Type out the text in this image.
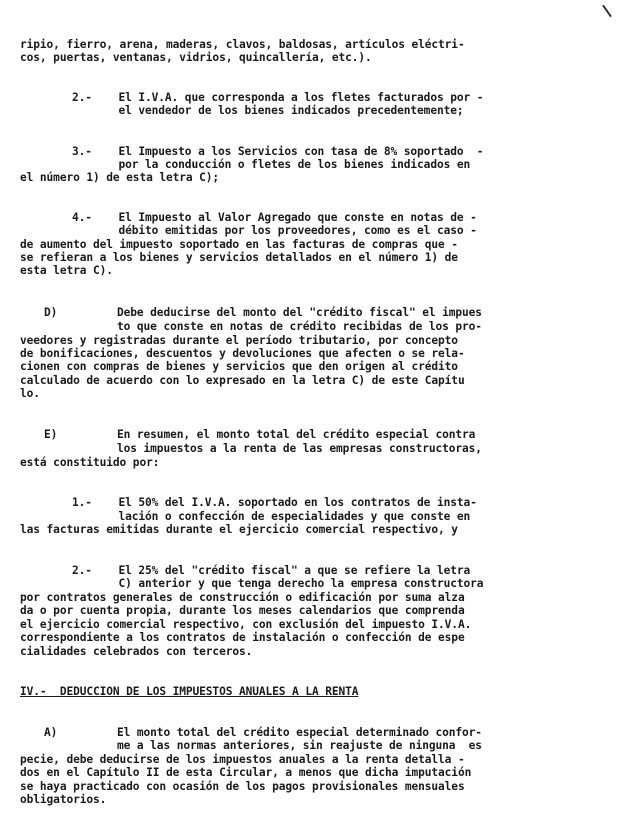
ripio, fierro, arena, maderas, clavos, baldosas, artículos eléctri-
cos, puertas, ventanas, vidrios, quincallería, etc.).
2.-    El I.V.A. que corresponda a los fletes facturados por -
el vendedor de los bienes indicados precedentemente;
3.-    El Impuesto a los Servicios con tasa de 8% soportado  -
por la conducción o fletes de los bienes indicados en
el número 1) de esta letra C);
4.-    El Impuesto al Valor Agregado que conste en notas de -
débito emitidas por los proveedores, como es el caso -
de aumento del impuesto soportado en las facturas de compras que -
se refieran a los bienes y servicios detallados en el número 1) de
esta letra C).
D)         Debe deducirse del monto del "crédito fiscal" el impues
to que conste en notas de crédito recibidas de los pro-
veedores y registradas durante el período tributario, por concepto
de bonificaciones, descuentos y devoluciones que afecten o se rela-
cionen con compras de bienes y servicios que den origen al crédito
calculado de acuerdo con lo expresado en la letra C) de este Capítu
lo.
E)         En resumen, el monto total del crédito especial contra
los impuestos a la renta de las empresas constructoras,
está constituido por:
1.-    El 50% del I.V.A. soportado en los contratos de insta-
lación o confección de especialidades y que conste en
las facturas emitidas durante el ejercicio comercial respectivo, y
2.-    El 25% del "crédito fiscal" a que se refiere la letra
C) anterior y que tenga derecho la empresa constructora
por contratos generales de construcción o edificación por suma alza
da o por cuenta propia, durante los meses calendarios que comprenda
el ejercicio comercial respectivo, con exclusión del impuesto I.V.A.
correspondiente a los contratos de instalación o confección de espe
cialidades celebrados con terceros.
IV.-  DEDUCCION DE LOS IMPUESTOS ANUALES A LA RENTA
A)         El monto total del crédito especial determinado confor-
me a las normas anteriores, sin reajuste de ninguna  es
pecie, debe deducirse de los impuestos anuales a la renta detalla -
dos en el Capítulo II de esta Circular, a menos que dicha imputación
se haya practicado con ocasión de los pagos provisionales mensuales
obligatorios.
